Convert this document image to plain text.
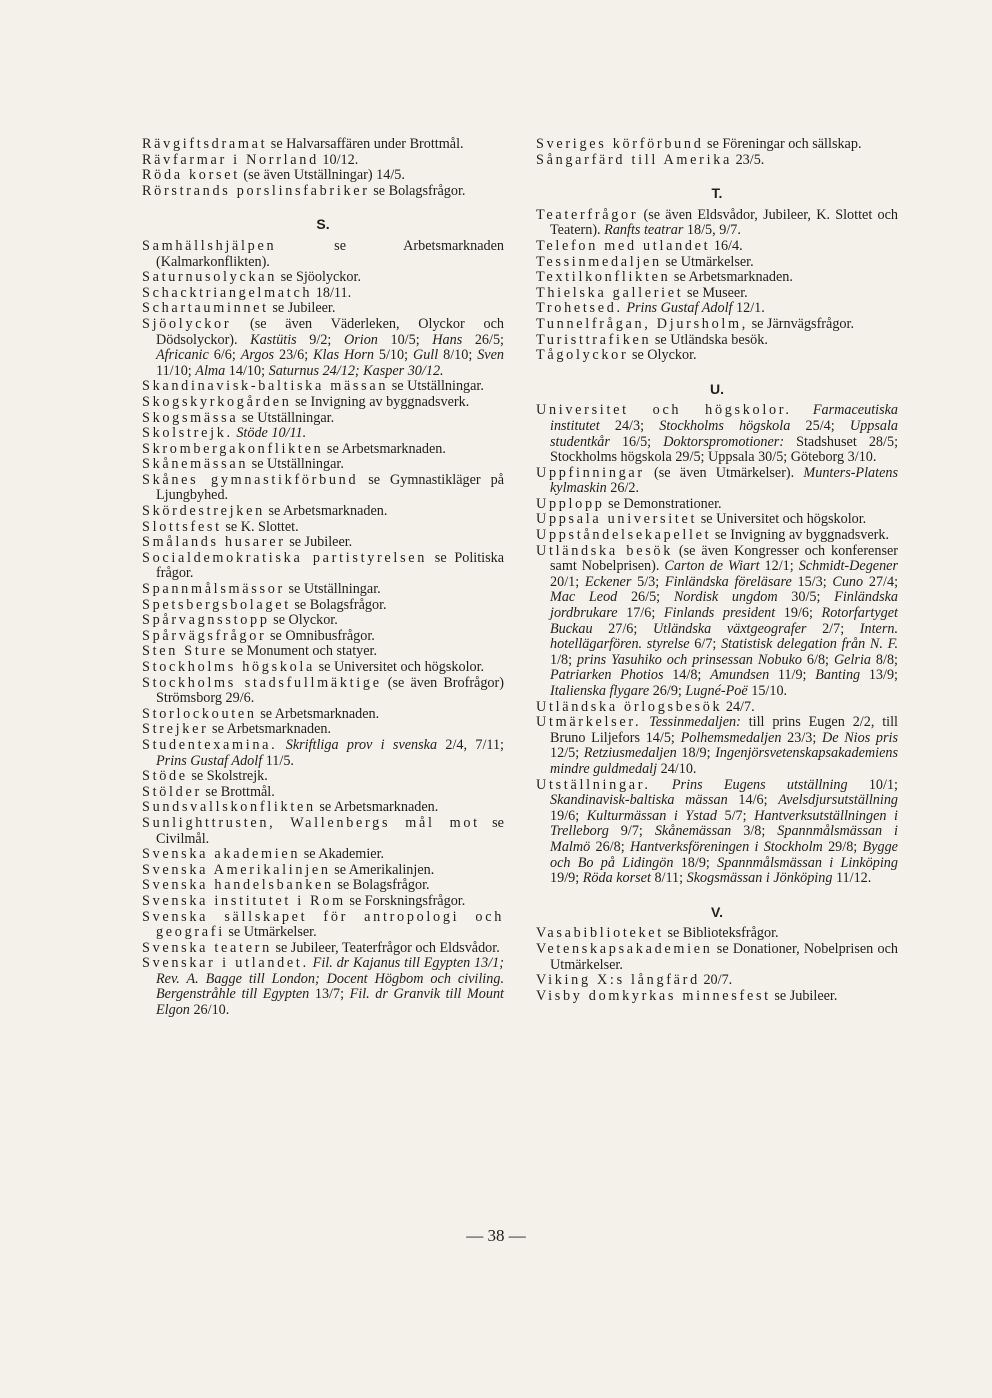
Rävgiftsdramat se Halvarsaffären under Brottmål.

Rävfarmar i Norrland 10/12.

Röda korset (se även Utställningar) 14/5.

Rörstrands porslinsfabriker se Bolagsfrågor.

S.

Samhällshjälpen se Arbetsmarknaden (Kalmarkonflikten).

Saturnusolyckan se Sjöolyckor.

Schacktriangelmatch 18/11.

Schartauminnet se Jubileer.

Sjöolyckor (se även Väderleken, Olyckor och Dödsolyckor). Kastütis 9/2; Orion 10/5; Hans 26/5; Africanic 6/6; Argos 23/6; Klas Horn 5/10; Gull 8/10; Sven 11/10; Alma 14/10; Saturnus 24/12; Kasper 30/12.

Skandinavisk-baltiska mässan se Utställningar.

Skogskyrkogården se Invigning av byggnadsverk.

Skogsmässa se Utställningar.

Skolstrejk. Stöde 10/11.

Skrombergakonflikten se Arbetsmarknaden.

Skånemässan se Utställningar.

Skånes gymnastikförbund se Gymnastikläger på Ljungbyhed.

Skördestrejken se Arbetsmarknaden.

Slottsfest se K. Slottet.

Smålands husarer se Jubileer.

Socialdemokratiska partistyrelsen se Politiska frågor.

Spannmålsmässor se Utställningar.

Spetsbergsbolaget se Bolagsfrågor.

Spårvagnsstopp se Olyckor.

Spårvägsfrågor se Omnibusfrågor.

Sten Sture se Monument och statyer.

Stockholms högskola se Universitet och högskolor.

Stockholms stadsfullmäktige (se även Brofrågor) Strömsborg 29/6.

Storlockouten se Arbetsmarknaden.

Strejker se Arbetsmarknaden.

Studentexamina. Skriftliga prov i svenska 2/4, 7/11; Prins Gustaf Adolf 11/5.

Stöde se Skolstrejk.

Stölder se Brottmål.

Sundsvallskonflikten se Arbetsmarknaden.

Sunlighttrusten, Wallenbergs mål mot se Civilmål.

Svenska akademien se Akademier.

Svenska Amerikalinjen se Amerikalinjen.

Svenska handelsbanken se Bolagsfrågor.

Svenska institutet i Rom se Forskningsfrågor.

Svenska sällskapet för antropologi och geografi se Utmärkelser.

Svenska teatern se Jubileer, Teaterfrågor och Eldsvådor.

Svenskar i utlandet. Fil. dr Kajanus till Egypten 13/1; Rev. A. Bagge till London; Docent Högbom och civiling. Bergenstråhle till Egypten 13/7; Fil. dr Granvik till Mount Elgon 26/10.

Sveriges körförbund se Föreningar och sällskap.

Sångarfärd till Amerika 23/5.

T.

Teaterfrågor (se även Eldsvådor, Jubileer, K. Slottet och Teatern). Ranfts teatrar 18/5, 9/7.

Telefon med utlandet 16/4.

Tessinmedaljen se Utmärkelser.

Textilkonflikten se Arbetsmarknaden.

Thielska galleriet se Museer.

Trohetsed. Prins Gustaf Adolf 12/1.

Tunnelfrågan, Djursholm, se Järnvägsfrågor.

Turisttrafiken se Utländska besök.

Tågolyckor se Olyckor.

U.

Universitet och högskolor. Farmaceutiska institutet 24/3; Stockholms högskola 25/4; Uppsala studentkår 16/5; Doktorspromotioner: Stadshuset 28/5; Stockholms högskola 29/5; Uppsala 30/5; Göteborg 3/10.

Uppfinningar (se även Utmärkelser). Munters-Platens kylmaskin 26/2.

Upplopp se Demonstrationer.

Uppsala universitet se Universitet och högskolor.

Uppståndelsekapellet se Invigning av byggnadsverk.

Utländska besök (se även Kongresser och konferenser samt Nobelprisen). Carton de Wiart 12/1; Schmidt-Degener 20/1; Eckener 5/3; Finländska föreläsare 15/3; Cuno 27/4; Mac Leod 26/5; Nordisk ungdom 30/5; Finländska jordbrukare 17/6; Finlands president 19/6; Rotorfartyget Buckau 27/6; Utländska växtgeografer 2/7; Intern. hotellägarfören. styrelse 6/7; Statistisk delegation från N. F. 1/8; prins Yasuhiko och prinsessan Nobuko 6/8; Gelria 8/8; Patriarken Photios 14/8; Amundsen 11/9; Banting 13/9; Italienska flygare 26/9; Lugné-Poë 15/10.

Utländska örlogsbesök 24/7.

Utmärkelser. Tessinmedaljen: till prins Eugen 2/2, till Bruno Liljefors 14/5; Polhemsmedaljen 23/3; De Nios pris 12/5; Retziusmedaljen 18/9; Ingenjörsvetenskapsakademiens mindre guldmedalj 24/10.

Utställningar. Prins Eugens utställning 10/1; Skandinavisk-baltiska mässan 14/6; Avelsdjursutställning 19/6; Kulturmässan i Ystad 5/7; Hantverksutställningen i Trelleborg 9/7; Skånemässan 3/8; Spannmålsmässan i Malmö 26/8; Hantverksföreningen i Stockholm 29/8; Bygge och Bo på Lidingön 18/9; Spannmålsmässan i Linköping 19/9; Röda korset 8/11; Skogsmässan i Jönköping 11/12.

V.

Vasabiblioteket se Biblioteksfrågor.

Vetenskapsakademien se Donationer, Nobelprisen och Utmärkelser.

Viking X:s långfärd 20/7.

Visby domkyrkas minnesfest se Jubileer.

— 38 —
